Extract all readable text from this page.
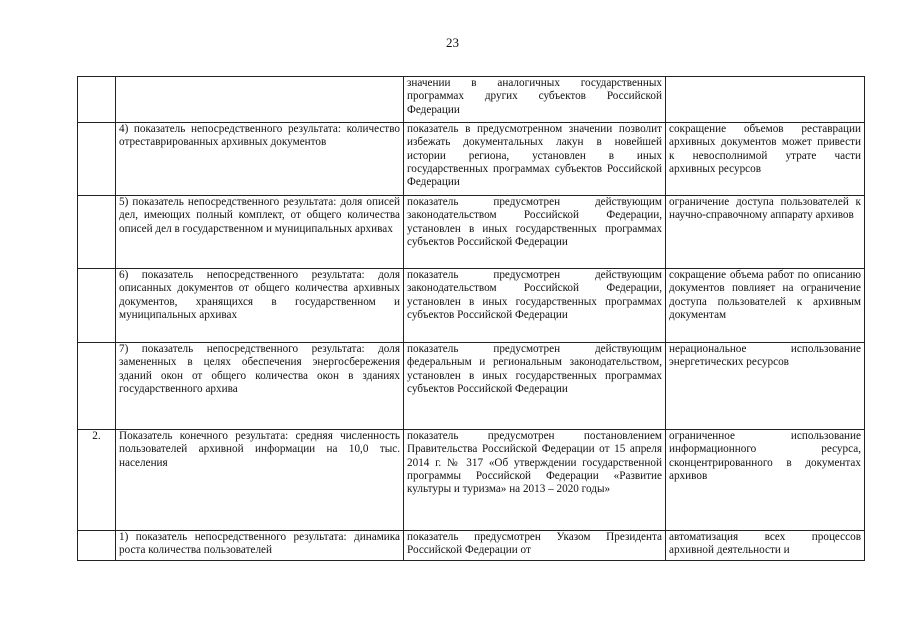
23
		значении в аналогичных государственных программах других субъектов Российской Федерации	
	4) показатель непосредственного результата: количество отреставрированных архивных документов	показатель в предусмотренном значении позволит избежать документальных лакун в новейшей истории региона, установлен в иных государственных программах субъектов Российской Федерации	сокращение объемов реставрации архивных документов может привести к невосполнимой утрате части архивных ресурсов
	5) показатель непосредственного результата: доля описей дел, имеющих полный комплект, от общего количества описей дел в государственном и муниципальных архивах	показатель предусмотрен действующим законодательством Российской Федерации, установлен в иных государственных программах субъектов Российской Федерации	ограничение доступа пользователей к научно-справочному аппарату архивов
	6) показатель непосредственного результата: доля описанных документов от общего количества архивных документов, хранящихся в государственном и муниципальных архивах	показатель предусмотрен действующим законодательством Российской Федерации, установлен в иных государственных программах субъектов Российской Федерации	сокращение объема работ по описанию документов повлияет на ограничение доступа пользователей к архивным документам
	7) показатель непосредственного результата: доля замененных в целях обеспечения энергосбережения зданий окон от общего количества окон в зданиях государственного архива	показатель предусмотрен действующим федеральным и региональным законодательством, установлен в иных государственных программах субъектов Российской Федерации	нерациональное использование энергетических ресурсов
2.	Показатель конечного результата: средняя численность пользователей архивной информации на 10,0 тыс. населения	показатель предусмотрен постановлением Правительства Российской Федерации от 15 апреля 2014 г. № 317 «Об утверждении государственной программы Российской Федерации «Развитие культуры и туризма» на 2013 – 2020 годы»	ограниченное использование информационного ресурса, сконцентрированного в документах архивов
	1) показатель непосредственного результата: динамика роста количества пользователей	показатель предусмотрен Указом Президента Российской Федерации от	автоматизация всех процессов архивной деятельности и
